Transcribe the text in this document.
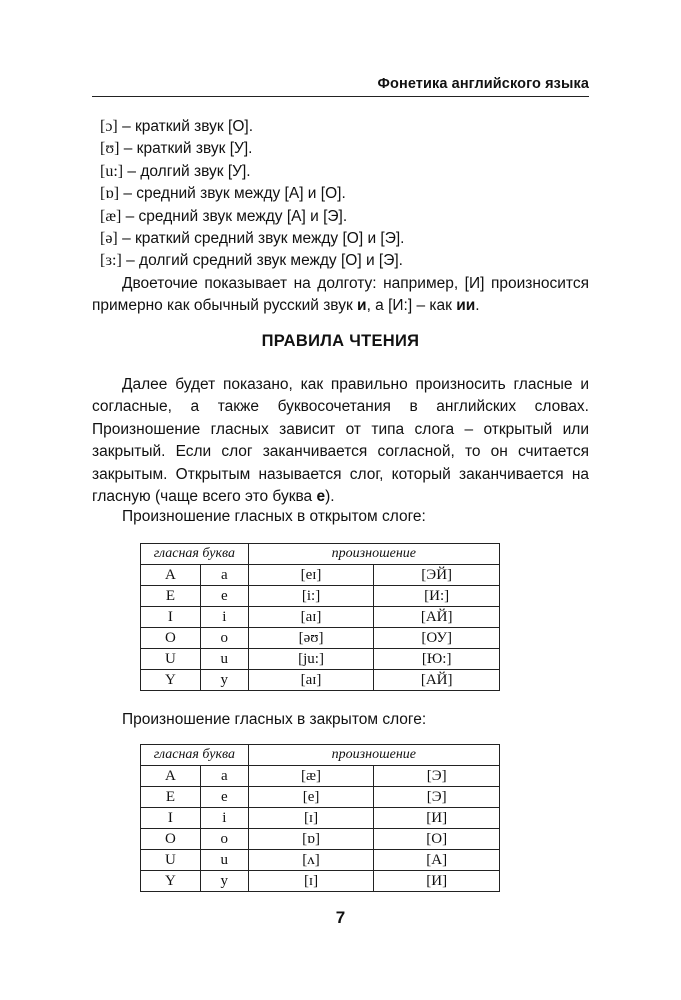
Фонетика английского языка
[ɔ] – краткий звук [О].
[ʊ] – краткий звук [У].
[u:] – долгий звук [У].
[ɒ] – средний звук между [А] и [О].
[æ] – средний звук между [А] и [Э].
[ə] – краткий средний звук между [О] и [Э].
[ɜ:] – долгий средний звук между [О] и [Э].

Двоеточие показывает на долготу: например, [И] произносится примерно как обычный русский звук и, а [И:] – как ии.

ПРАВИЛА ЧТЕНИЯ

Далее будет показано, как правильно произносить гласные и согласные, а также буквосочетания в английских словах. Произношение гласных зависит от типа слога – открытый или закрытый. Если слог заканчивается согласной, то он считается закрытым. Открытым называется слог, который заканчивается на гласную (чаще всего это буква е).

Произношение гласных в открытом слоге:
гласная буква		произношение	
A	a	[eɪ]	[ЭЙ]
E	e	[i:]	[И:]
I	i	[aɪ]	[АЙ]
O	o	[əʊ]	[ОУ]
U	u	[ju:]	[Ю:]
Y	y	[aɪ]	[АЙ]
Произношение гласных в закрытом слоге:
гласная буква		произношение	
A	a	[æ]	[Э]
E	e	[e]	[Э]
I	i	[ɪ]	[И]
O	o	[ɒ]	[О]
U	u	[ʌ]	[А]
Y	y	[ɪ]	[И]
7
